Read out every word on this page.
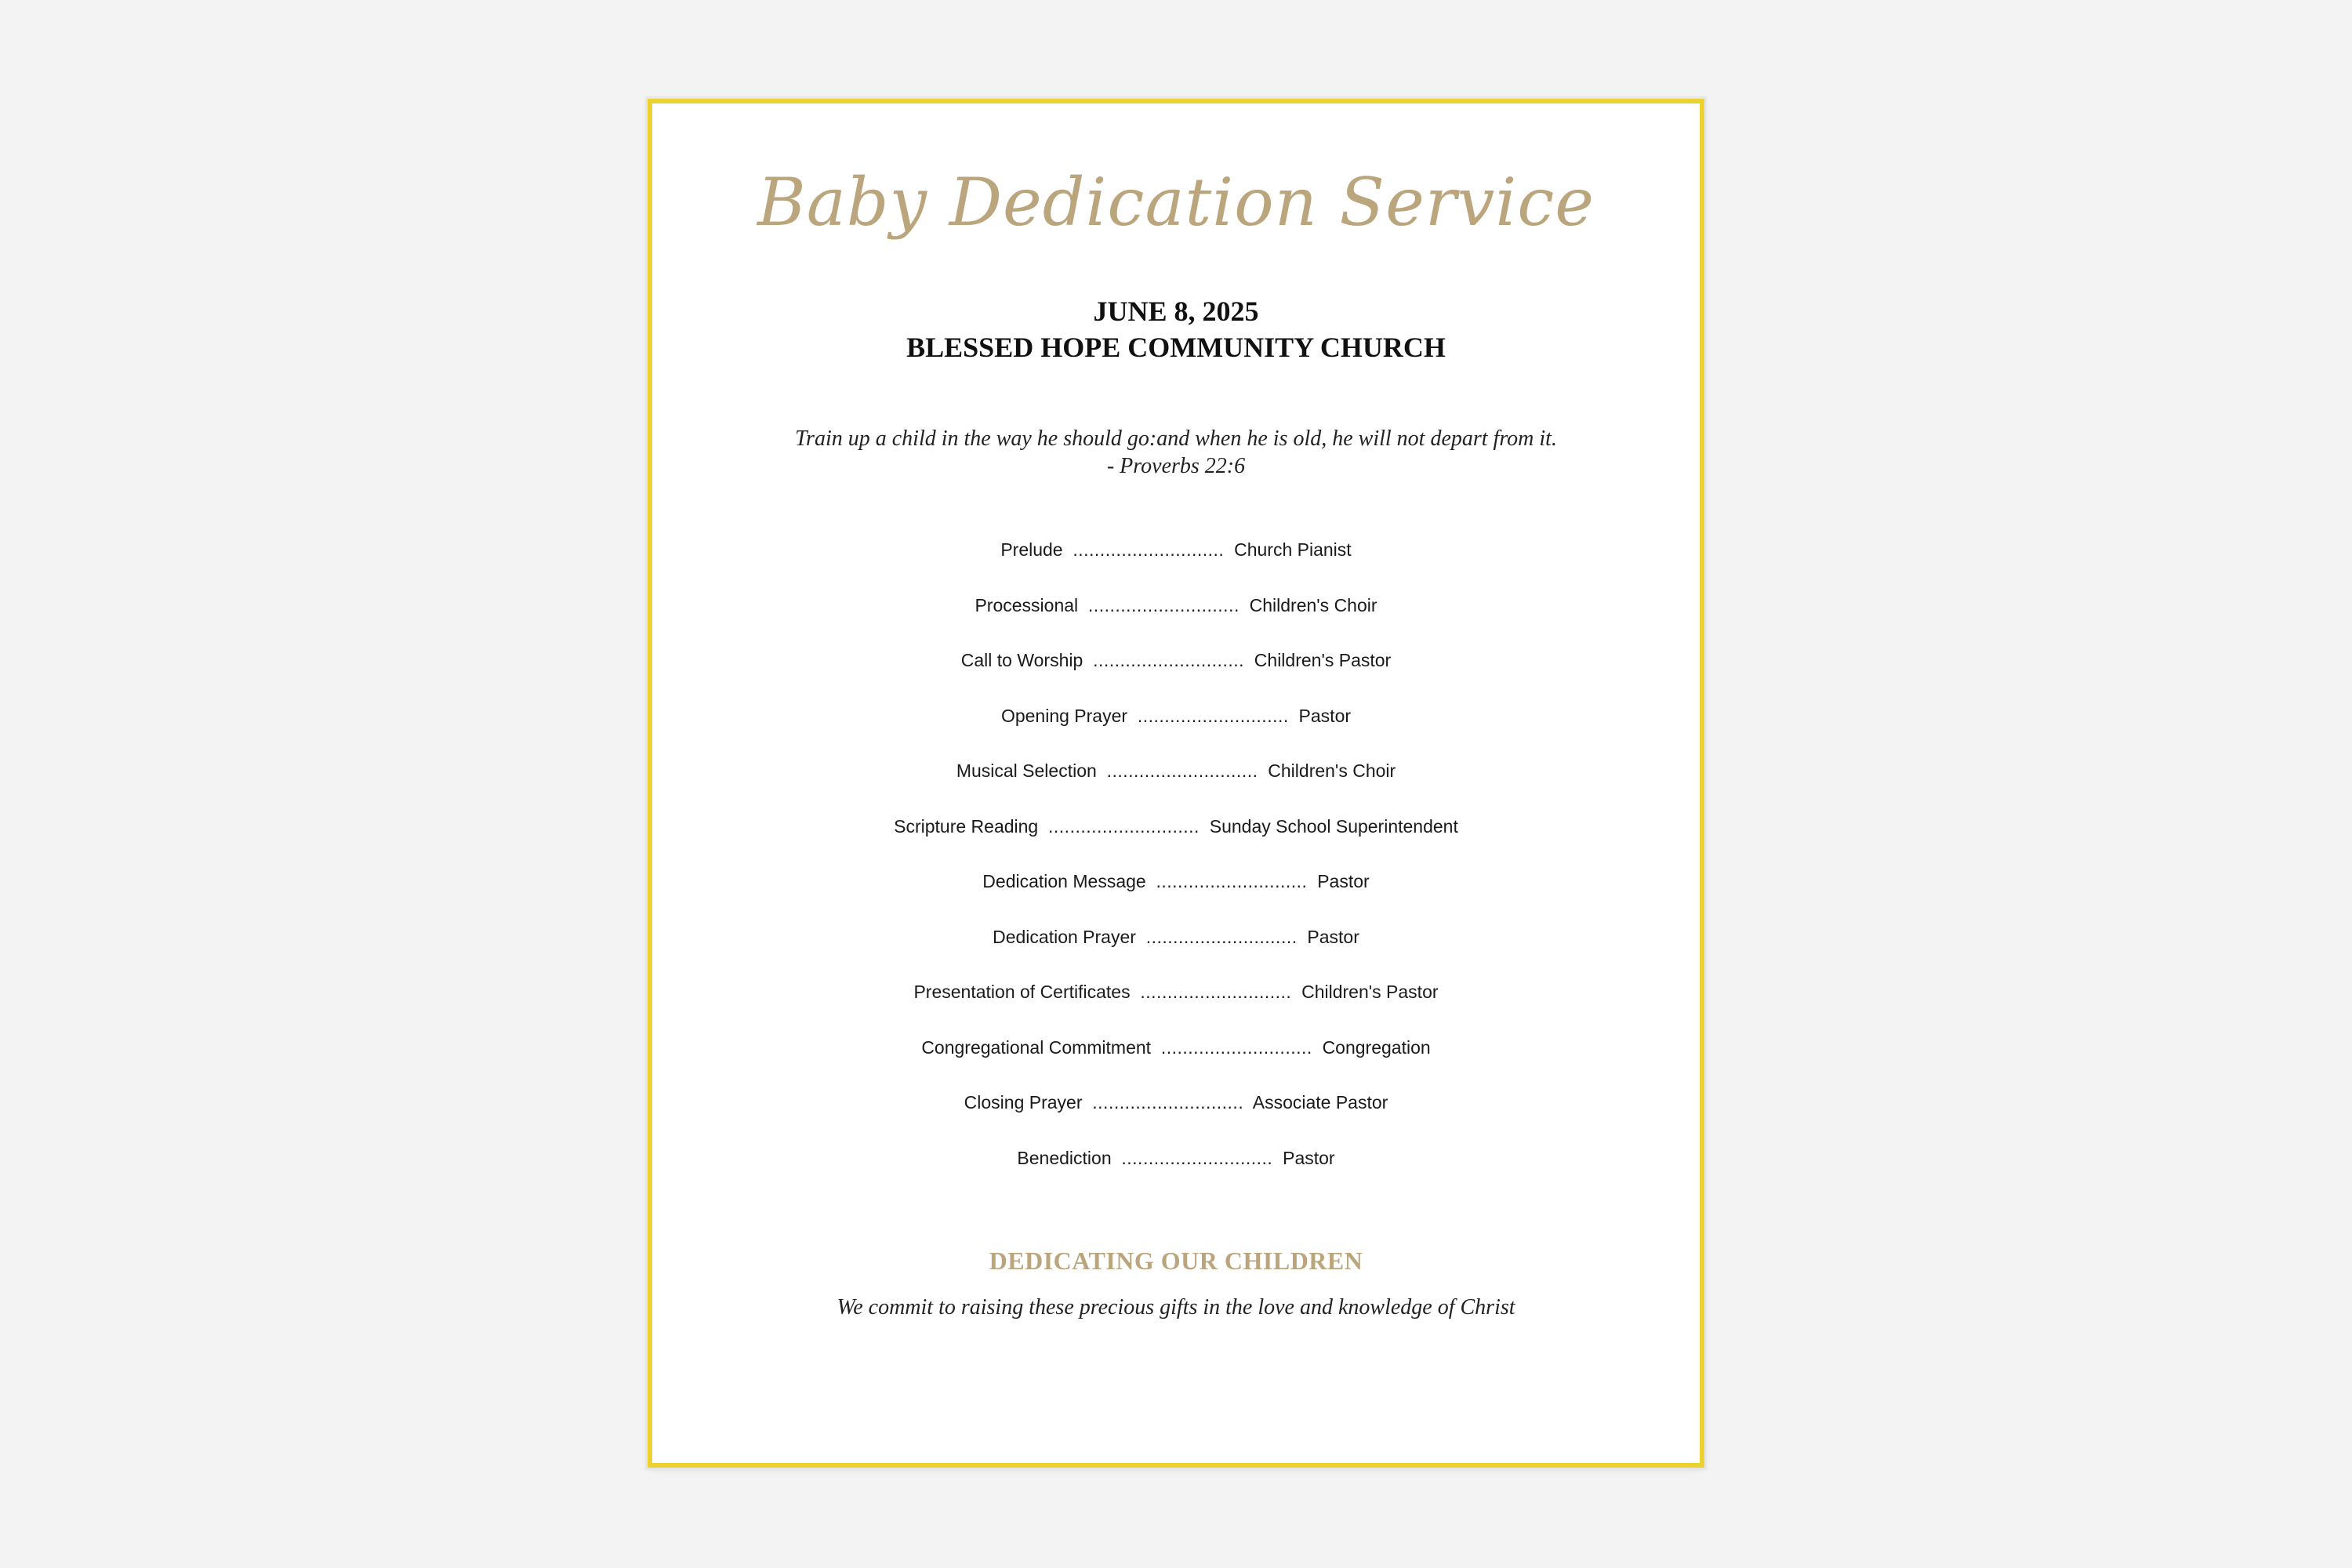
Baby Dedication Service
JUNE 8, 2025
BLESSED HOPE COMMUNITY CHURCH
Train up a child in the way he should go:and when he is old, he will not depart from it.
- Proverbs 22:6
Prelude ............................ Church Pianist
Processional ............................ Children's Choir
Call to Worship ............................ Children's Pastor
Opening Prayer ............................ Pastor
Musical Selection ............................ Children's Choir
Scripture Reading ............................ Sunday School Superintendent
Dedication Message ............................ Pastor
Dedication Prayer ............................ Pastor
Presentation of Certificates ............................ Children's Pastor
Congregational Commitment ............................ Congregation
Closing Prayer ............................ Associate Pastor
Benediction ............................ Pastor
DEDICATING OUR CHILDREN
We commit to raising these precious gifts in the love and knowledge of Christ
